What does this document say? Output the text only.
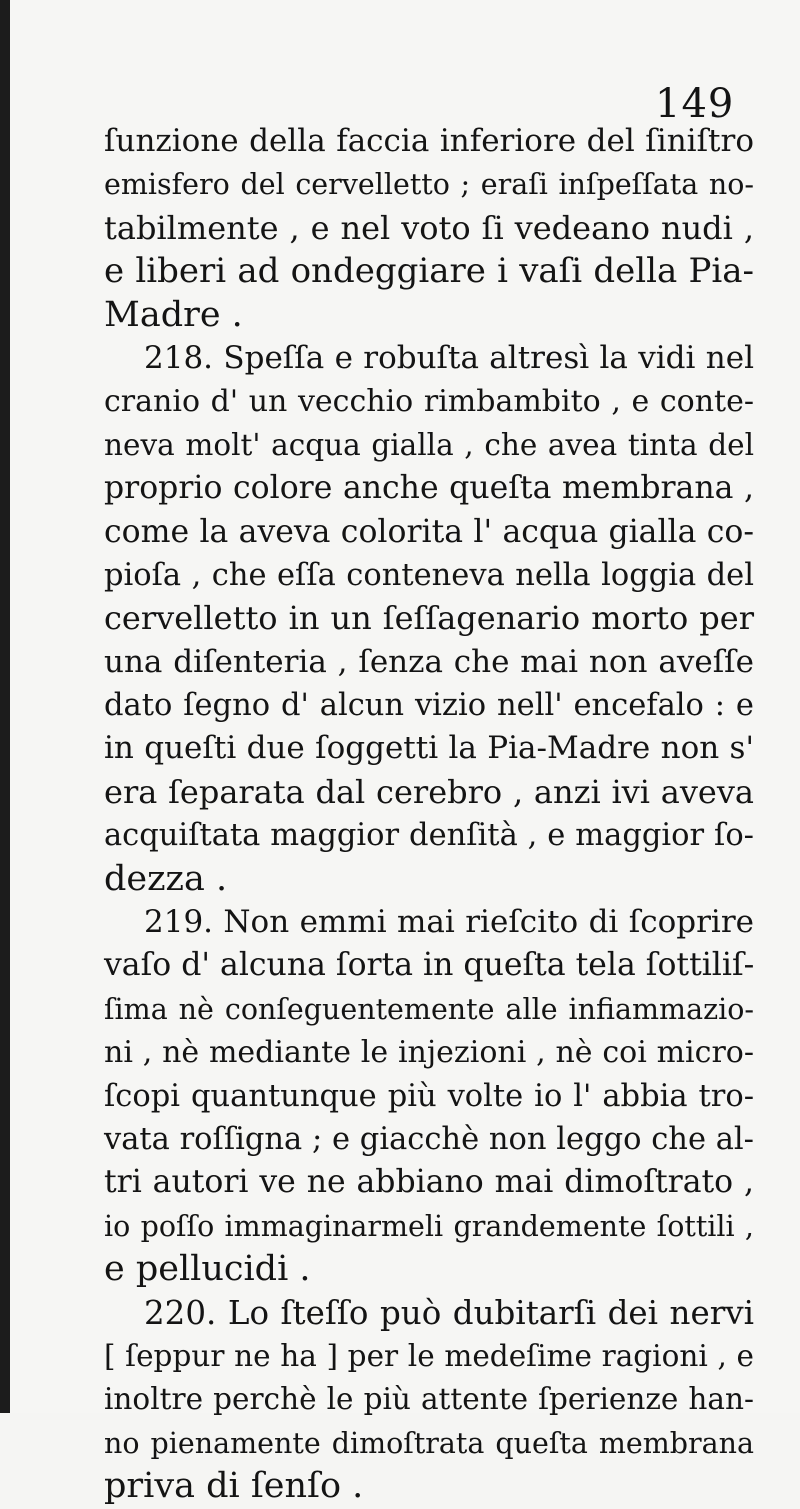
149
ſunzione della faccia inferiore del ſiniſtro
emisfero del cervelletto ; eraſi inſpeſſata no-
tabilmente , e nel voto ſi vedeano nudi ,
e liberi ad ondeggiare i vaſi della Pia-
Madre .
218. Speſſa e robuſta altresì la vidi nel
cranio d' un vecchio rimbambito , e conte-
neva molt' acqua gialla , che avea tinta del
proprio colore anche queſta membrana ,
come la aveva colorita l' acqua gialla co-
pioſa , che eſſa conteneva nella loggia del
cervelletto in un ſeſſagenario morto per
una diſenteria , ſenza che mai non aveſſe
dato ſegno d' alcun vizio nell' encefalo : e
in queſti due ſoggetti la Pia-Madre non s'
era ſeparata dal cerebro , anzi ivi aveva
acquiſtata maggior denſità , e maggior ſo-
dezza .
219. Non emmi mai rieſcito di ſcoprire
vaſo d' alcuna ſorta in queſta tela ſottiliſ-
ſima nè conſeguentemente alle infiammazio-
ni , nè mediante le injezioni , nè coi micro-
ſcopi quantunque più volte io l' abbia tro-
vata roſſigna ; e giacchè non leggo che al-
tri autori ve ne abbiano mai dimoſtrato ,
io poſſo immaginarmeli grandemente ſottili ,
e pellucidi .
220. Lo ſteſſo può dubitarſi dei nervi
[ ſeppur ne ha ] per le medeſime ragioni , e
inoltre perchè le più attente ſperienze han-
no pienamente dimoſtrata queſta membrana
priva di ſenſo .
